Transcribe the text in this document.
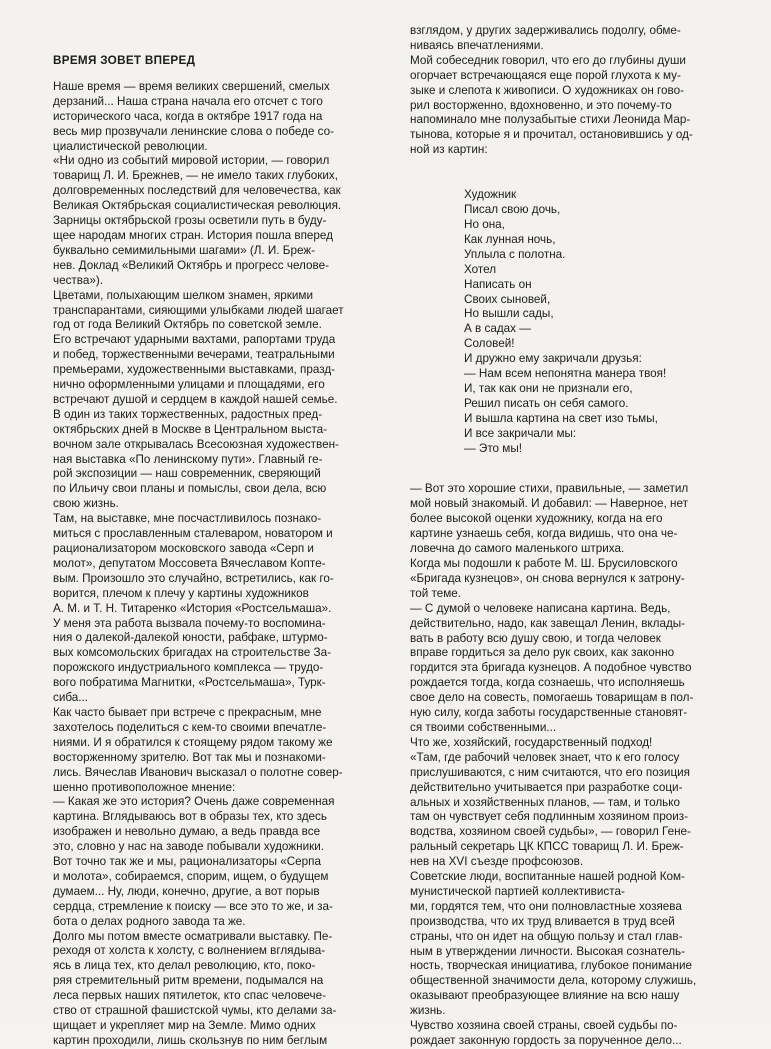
ВРЕМЯ ЗОВЕТ ВПЕРЕД

Наше время — время великих свершений, смелых
дерзаний... Наша страна начала его отсчет с того
исторического часа, когда в октябре 1917 года на
весь мир прозвучали ленинские слова о победе со-
циалистической революции.

«Ни одно из событий мировой истории, — говорил
товарищ Л. И. Брежнев, — не имело таких глубоких,
долговременных последствий для человечества, как
Великая Октябрьская социалистическая революция.
Зарницы октябрьской грозы осветили путь в буду-
щее народам многих стран. История пошла вперед
буквально семимильными шагами» (Л. И. Бреж-
нев. Доклад «Великий Октябрь и прогресс челове-
чества»).

Цветами, полыхающим шелком знамен, яркими
транспарантами, сияющими улыбками людей шагает
год от года Великий Октябрь по советской земле.
Его встречают ударными вахтами, рапортами труда
и побед, торжественными вечерами, театральными
премьерами, художественными выставками, празд-
нично оформленными улицами и площадями, его
встречают душой и сердцем в каждой нашей семье.
В один из таких торжественных, радостных пред-
октябрьских дней в Москве в Центральном выста-
вочном зале открывалась Всесоюзная художествен-
ная выставка «По ленинскому пути». Главный ге-
рой экспозиции — наш современник, сверяющий
по Ильичу свои планы и помыслы, свои дела, всю
свою жизнь.

Там, на выставке, мне посчастливилось познако-
миться с прославленным сталеваром, новатором и
рационализатором московского завода «Серп и
молот», депутатом Моссовета Вячеславом Копте-
вым. Произошло это случайно, встретились, как го-
ворится, плечом к плечу у картины художников
А. М. и Т. Н. Титаренко «История «Ростсельмаша».
У меня эта работа вызвала почему-то воспомина-
ния о далекой-далекой юности, рабфаке, штурмо-
вых комсомольских бригадах на строительстве За-
порожского индустриального комплекса — трудо-
вого побратима Магнитки, «Ростсельмаша», Турк-
сиба...

Как часто бывает при встрече с прекрасным, мне
захотелось поделиться с кем-то своими впечатле-
ниями. И я обратился к стоящему рядом такому же
восторженному зрителю. Вот так мы и познакоми-
лись. Вячеслав Иванович высказал о полотне совер-
шенно противоположное мнение:

— Какая же это история? Очень даже современная
картина. Вглядываюсь вот в образы тех, кто здесь
изображен и невольно думаю, а ведь правда все
это, словно у нас на заводе побывали художники.
Вот точно так же и мы, рационализаторы «Серпа
и молота», собираемся, спорим, ищем, о будущем
думаем... Ну, люди, конечно, другие, а вот порыв
сердца, стремление к поиску — все это то же, и за-
бота о делах родного завода та же.

Долго мы потом вместе осматривали выставку. Пе-
реходя от холста к холсту, с волнением вглядыва-
ясь в лица тех, кто делал революцию, кто, поко-
ряя стремительный ритм времени, подымался на
леса первых наших пятилеток, кто спас человече-
ство от страшной фашистской чумы, кто делами за-
щищает и укрепляет мир на Земле. Мимо одних
картин проходили, лишь скользнув по ним беглым

взглядом, у других задерживались подолгу, обме-
ниваясь впечатлениями.

Мой собеседник говорил, что его до глубины души
огорчает встречающаяся еще порой глухота к му-
зыке и слепота к живописи. О художниках он гово-
рил восторженно, вдохновенно, и это почему-то
напоминало мне полузабытые стихи Леонида Мар-
тынова, которые я и прочитал, остановившись у од-
ной из картин:

Художник
Писал свою дочь,
Но она,
Как лунная ночь,
Уплыла с полотна.
Хотел
Написать он
Своих сыновей,
Но вышли сады,
А в садах —
Соловей!
И дружно ему закричали друзья:
— Нам всем непонятна манера твоя!
И, так как они не признали его,
Решил писать он себя самого.
И вышла картина на свет изо тьмы,
И все закричали мы:
— Это мы!

— Вот это хорошие стихи, правильные, — заметил
мой новый знакомый. И добавил: — Наверное, нет
более высокой оценки художнику, когда на его
картине узнаешь себя, когда видишь, что она че-
ловечна до самого маленького штриха.

Когда мы подошли к работе М. Ш. Брусиловского
«Бригада кузнецов», он снова вернулся к затрону-
той теме.

— С думой о человеке написана картина. Ведь,
действительно, надо, как завещал Ленин, вклады-
вать в работу всю душу свою, и тогда человек
вправе гордиться за дело рук своих, как законно
гордится эта бригада кузнецов. А подобное чувство
рождается тогда, когда сознаешь, что исполняешь
свое дело на совесть, помогаешь товарищам в пол-
ную силу, когда заботы государственные становят-
ся твоими собственными...

Что же, хозяйский, государственный подход!

«Там, где рабочий человек знает, что к его голосу
прислушиваются, с ним считаются, что его позиция
действительно учитывается при разработке соци-
альных и хозяйственных планов, — там, и только
там он чувствует себя подлинным хозяином произ-
водства, хозяином своей судьбы», — говорил Гене-
ральный секретарь ЦК КПСС товарищ Л. И. Бреж-
нев на XVI съезде профсоюзов.

Советские люди, воспитанные нашей родной Ком-
мунистической партией коллективиста-
ми, гордятся тем, что они полновластные хозяева
производства, что их труд вливается в труд всей
страны, что он идет на общую пользу и стал глав-
ным в утверждении личности. Высокая сознатель-
ность, творческая инициатива, глубокое понимание
общественной значимости дела, которому служишь,
оказывают преобразующее влияние на всю нашу
жизнь.

Чувство хозяина своей страны, своей судьбы по-
рождает законную гордость за порученное дело...
